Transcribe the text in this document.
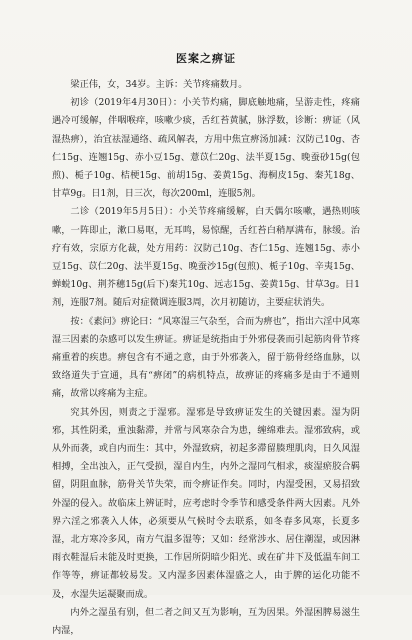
医案之痹证

梁正伟，女，34岁。主诉：关节疼痛数月。

初诊（2019年4月30日）：小关节灼痛，脚底触地痛，呈游走性，疼痛遇冷可缓解，伴咽喉痒，咳嗽少痰，舌红苔黄腻，脉浮数，诊断：痹证（风湿热痹），治宜祛湿通络、疏风解表，方用中焦宣痹汤加减：汉防己10g、杏仁15g、连翘15g、赤小豆15g、薏苡仁20g、法半夏15g、晚蚕砂15g(包煎)、栀子10g、桔梗15g、前胡15g、姜黄15g、海桐皮15g、秦艽18g、甘草9g。日1剂，日三次，每次200ml，连服5剂。

二诊（2019年5月5日）：小关节疼痛缓解，白天偶尔咳嗽，遇热则咳嗽，一阵即止，漱口易呕，无耳鸣，易惊醒，舌红苔白稍厚满布，脉缓。治疗有效，宗原方化裁，处方用药：汉防己10g、杏仁15g、连翘15g、赤小豆15g、苡仁20g、法半夏15g、晚蚕沙15g(包煎)、栀子10g、辛夷15g、蝉蜕10g、荆芥穗15g(后下)秦艽10g、远志15g、姜黄15g、甘草3g。日1剂，连服7剂。随后对症微调连服3周，次月初随访，主要症状消失。

按：《素问》痹论曰：“风寒湿三气杂至，合而为痹也”，指出六淫中风寒湿三因素的杂感可以发生痹证。痹证是统指由于外邪侵袭而引起筋肉骨节疼痛重着的疾患。痹包含有不通之意，由于外邪袭入，留于筋骨经络血脉，以致络道失于宣通，具有“痹闭”的病机特点，故痹证的疼痛多是由于不通则痛，故常以疼痛为主症。

究其外因，则责之于湿邪。湿邪是导致痹证发生的关键因素。湿为阴邪，其性阴柔，重浊黏滞，并常与风寒杂合为患，缠绵难去。湿邪致病，或从外而袭，或自内而生：其中，外湿致病，初起多滞留腠理肌肉，日久风湿相搏，全出浊入，正气受损，湿自内生，内外之湿同气相求，痰湿瘀胶合羁留，阴阻血脉，筋骨关节失荣，而令痹证作矣。同时，内湿受困，又易招致外湿的侵入。故临床上辨证时，应考虑时令季节和感受条件两大因素。凡外界六淫之邪袭入人体，必须要从气候时令去联系，如冬春多风寒，长夏多湿，北方寒冷多风，南方气温多湿等；又如：经常涉水、居住潮湿，或因淋雨衣鞋湿后未能及时更换，工作居所阴暗少阳光、或在矿井下及低温车间工作等等，痹证都较易发。又内湿多因素体湿盛之人，由于脾的运化功能不及，水湿失运凝聚而成。

内外之湿虽有别，但二者之间又互为影响，互为因果。外湿困脾易滋生内湿，
